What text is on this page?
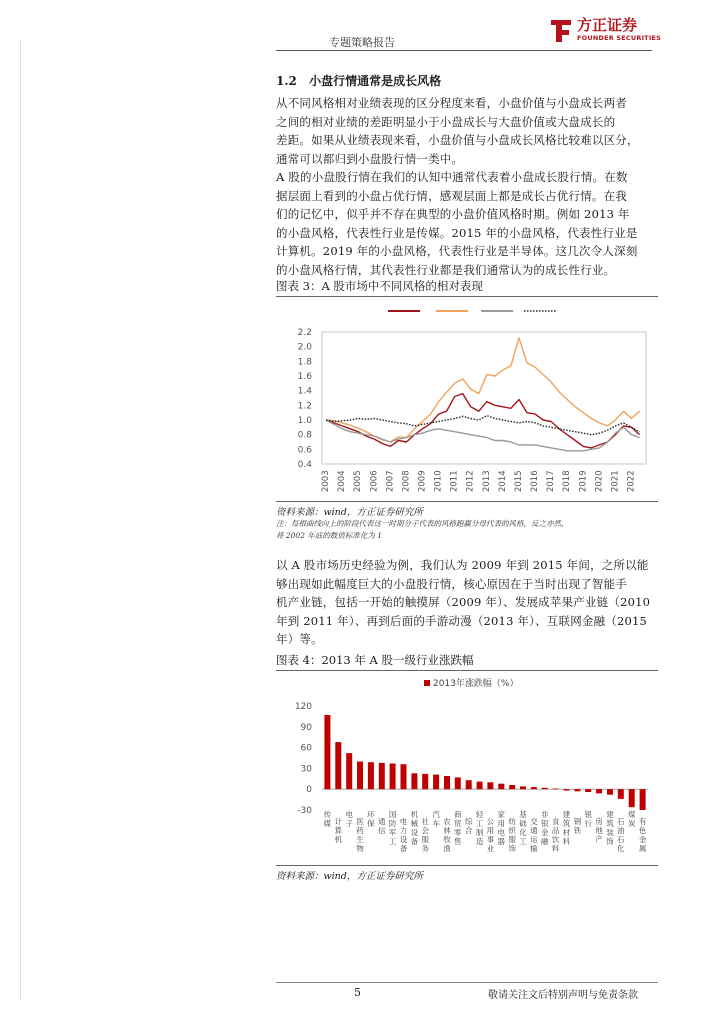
专题策略报告
方正证券
FOUNDER SECURITIES
1.2 小盘行情通常是成长风格
从不同风格相对业绩表现的区分程度来看，小盘价值与小盘成长两者
之间的相对业绩的差距明显小于小盘成长与大盘价值或大盘成长的
差距。如果从业绩表现来看，小盘价值与小盘成长风格比较难以区分，
通常可以都归到小盘股行情一类中。
A 股的小盘股行情在我们的认知中通常代表着小盘成长股行情。在数
据层面上看到的小盘占优行情，感观层面上都是成长占优行情。在我
们的记忆中，似乎并不存在典型的小盘价值风格时期。例如 2013 年
的小盘风格，代表性行业是传媒。2015 年的小盘风格，代表性行业是
计算机。2019 年的小盘风格，代表性行业是半导体。这几次令人深刻
的小盘风格行情，其代表性行业都是我们通常认为的成长性行业。
图表 3：A 股市场中不同风格的相对表现
2.2
2.0
1.8
1.6
1.4
1.2
1.0
0.8
0.6
0.4
2003 2004 2005 2006 2007 2008 2009 2010 2011 2012 2013 2014 2015 2016 2017 2018 2019 2020 2021 2022
资料来源：wind，方正证券研究所
注：每根曲线向上的阶段代表这一时期分子代表的风格跑赢分母代表的风格，反之亦然，
将 2002 年底的数值标准化为 1
以 A 股市场历史经验为例，我们认为 2009 年到 2015 年间，之所以能
够出现如此幅度巨大的小盘股行情，核心原因在于当时出现了智能手
机产业链，包括一开始的触摸屏（2009 年）、发展成苹果产业链（2010
年到 2011 年）、再到后面的手游动漫（2013 年）、互联网金融（2015
年）等。
图表 4：2013 年 A 股一级行业涨跌幅
2013年涨跌幅（%）
120
90
60
30
0
-30 传
媒 计
算
机
电
子 医
药
生
物
环
保 通
信
国
防
军
工
电
力
设
备
机
械
设
备
社
会
服
务
汽
车 农
林
牧
渔
商
贸
零
售
综
合
轻
工
制
造
公
用
事
业
家
用
电
器
纺
织
服
饰
基
础
化
工
交
通
运
输
非
银
金
融
食
品
饮
料
建
筑
材
料
钢
铁
银
行 房
地
产
建
筑
装
饰
石
油
石
化
煤
炭 有
色
金
属
资料来源：wind，方正证券研究所
5	敬请关注文后特别声明与免责条款
